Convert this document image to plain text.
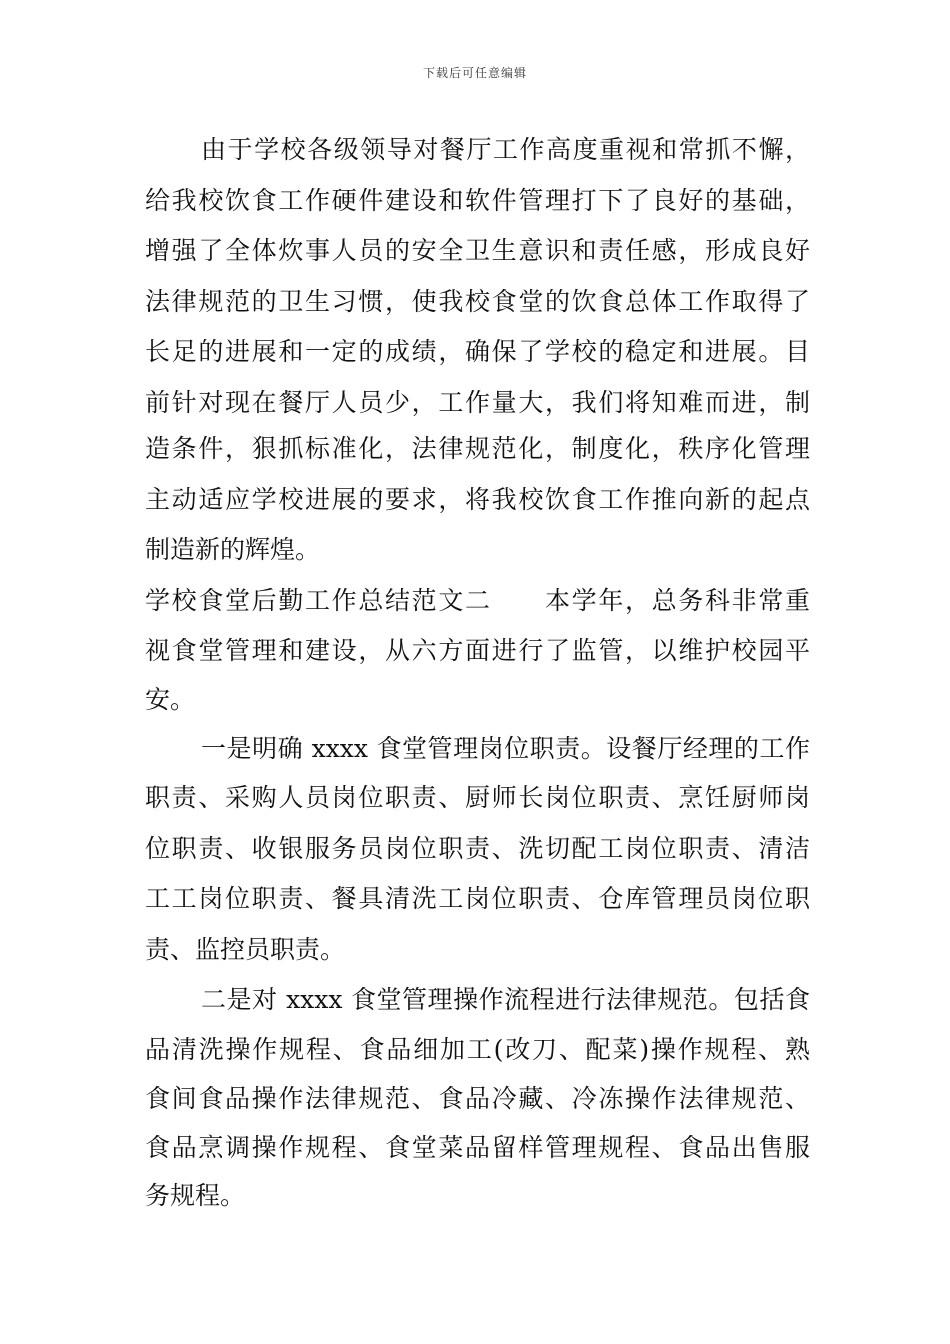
下载后可任意编辑
由于学校各级领导对餐厅工作高度重视和常抓不懈，
给我校饮食工作硬件建设和软件管理打下了良好的基础，
增强了全体炊事人员的安全卫生意识和责任感，形成良好
法律规范的卫生习惯，使我校食堂的饮食总体工作取得了
长足的进展和一定的成绩，确保了学校的稳定和进展。目
前针对现在餐厅人员少，工作量大，我们将知难而进，制
造条件，狠抓标准化，法律规范化，制度化，秩序化管理
主动适应学校进展的要求，将我校饮食工作推向新的起点
制造新的辉煌。
学校食堂后勤工作总结范文二　　本学年，总务科非常重
视食堂管理和建设，从六方面进行了监管，以维护校园平
安。
一是明确 xxxx 食堂管理岗位职责。设餐厅经理的工作
职责、采购人员岗位职责、厨师长岗位职责、烹饪厨师岗
位职责、收银服务员岗位职责、洗切配工岗位职责、清洁
工工岗位职责、餐具清洗工岗位职责、仓库管理员岗位职
责、监控员职责。
二是对 xxxx 食堂管理操作流程进行法律规范。包括食
品清洗操作规程、食品细加工(改刀、配菜)操作规程、熟
食间食品操作法律规范、食品冷藏、冷冻操作法律规范、
食品烹调操作规程、食堂菜品留样管理规程、食品出售服
务规程。
